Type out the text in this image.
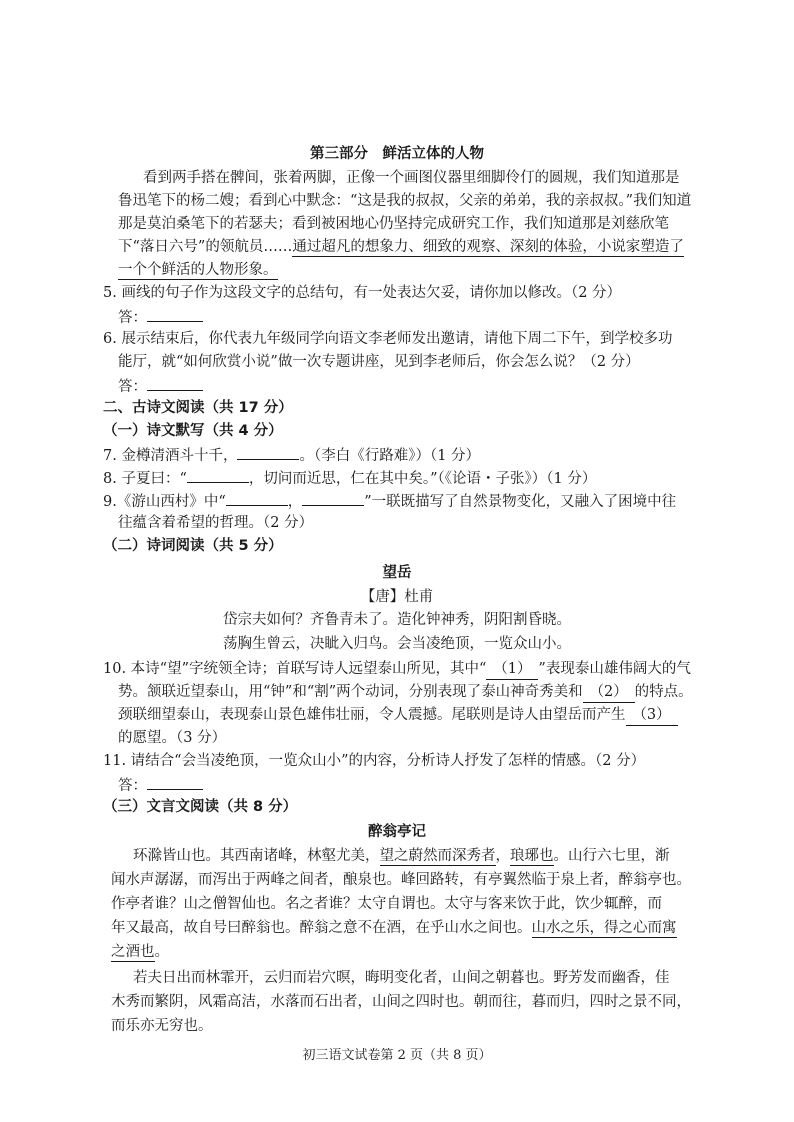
第三部分　鲜活立体的人物
看到两手搭在髀间，张着两脚，正像一个画图仪器里细脚伶仃的圆规，我们知道那是
鲁迅笔下的杨二嫂；看到心中默念：“这是我的叔叔，父亲的弟弟，我的亲叔叔。”我们知道
那是莫泊桑笔下的若瑟夫；看到被困地心仍坚持完成研究工作，我们知道那是刘慈欣笔
下“落日六号”的领航员……通过超凡的想象力、细致的观察、深刻的体验，小说家塑造了
一个个鲜活的人物形象。
5. 画线的句子作为这段文字的总结句，有一处表达欠妥，请你加以修改。（2 分）
答：
6. 展示结束后，你代表九年级同学向语文李老师发出邀请，请他下周二下午，到学校多功
能厅，就“如何欣赏小说”做一次专题讲座，见到李老师后，你会怎么说？（2 分）
答：
二、古诗文阅读（共 17 分）
（一）诗文默写（共 4 分）
7. 金樽清酒斗十千，	。（李白《行路难》）（1 分）
8. 子夏曰：“	，切问而近思，仁在其中矣。”（《论语・子张》）（1 分）
9.《游山西村》中“	，	”一联既描写了自然景物变化，又融入了困境中往
往蕴含着希望的哲理。（2 分）
（二）诗词阅读（共 5 分）
望岳
【唐】杜甫
岱宗夫如何？齐鲁青未了。造化钟神秀，阴阳割昏晓。
荡胸生曾云，决眦入归鸟。会当凌绝顶，一览众山小。
10. 本诗“望”字统领全诗；首联写诗人远望泰山所见，其中“ （1） ”表现泰山雄伟阔大的气
势。颔联近望泰山，用“钟”和“割”两个动词，分别表现了泰山神奇秀美和 （2） 的特点。
颈联细望泰山，表现泰山景色雄伟壮丽，令人震撼。尾联则是诗人由望岳而产生 （3）
的愿望。（3 分）
11. 请结合“会当凌绝顶，一览众山小”的内容，分析诗人抒发了怎样的情感。（2 分）
答：
（三）文言文阅读（共 8 分）
醉翁亭记
环滁皆山也。其西南诸峰，林壑尤美，望之蔚然而深秀者，琅琊也。山行六七里，渐
闻水声潺潺，而泻出于两峰之间者，酿泉也。峰回路转，有亭翼然临于泉上者，醉翁亭也。
作亭者谁？山之僧智仙也。名之者谁？太守自谓也。太守与客来饮于此，饮少辄醉，而
年又最高，故自号曰醉翁也。醉翁之意不在酒，在乎山水之间也。山水之乐，得之心而寓
之酒也。
若夫日出而林霏开，云归而岩穴暝，晦明变化者，山间之朝暮也。野芳发而幽香，佳
木秀而繁阴，风霜高洁，水落而石出者，山间之四时也。朝而往，暮而归，四时之景不同，
而乐亦无穷也。
初三语文试卷第 2 页（共 8 页）
